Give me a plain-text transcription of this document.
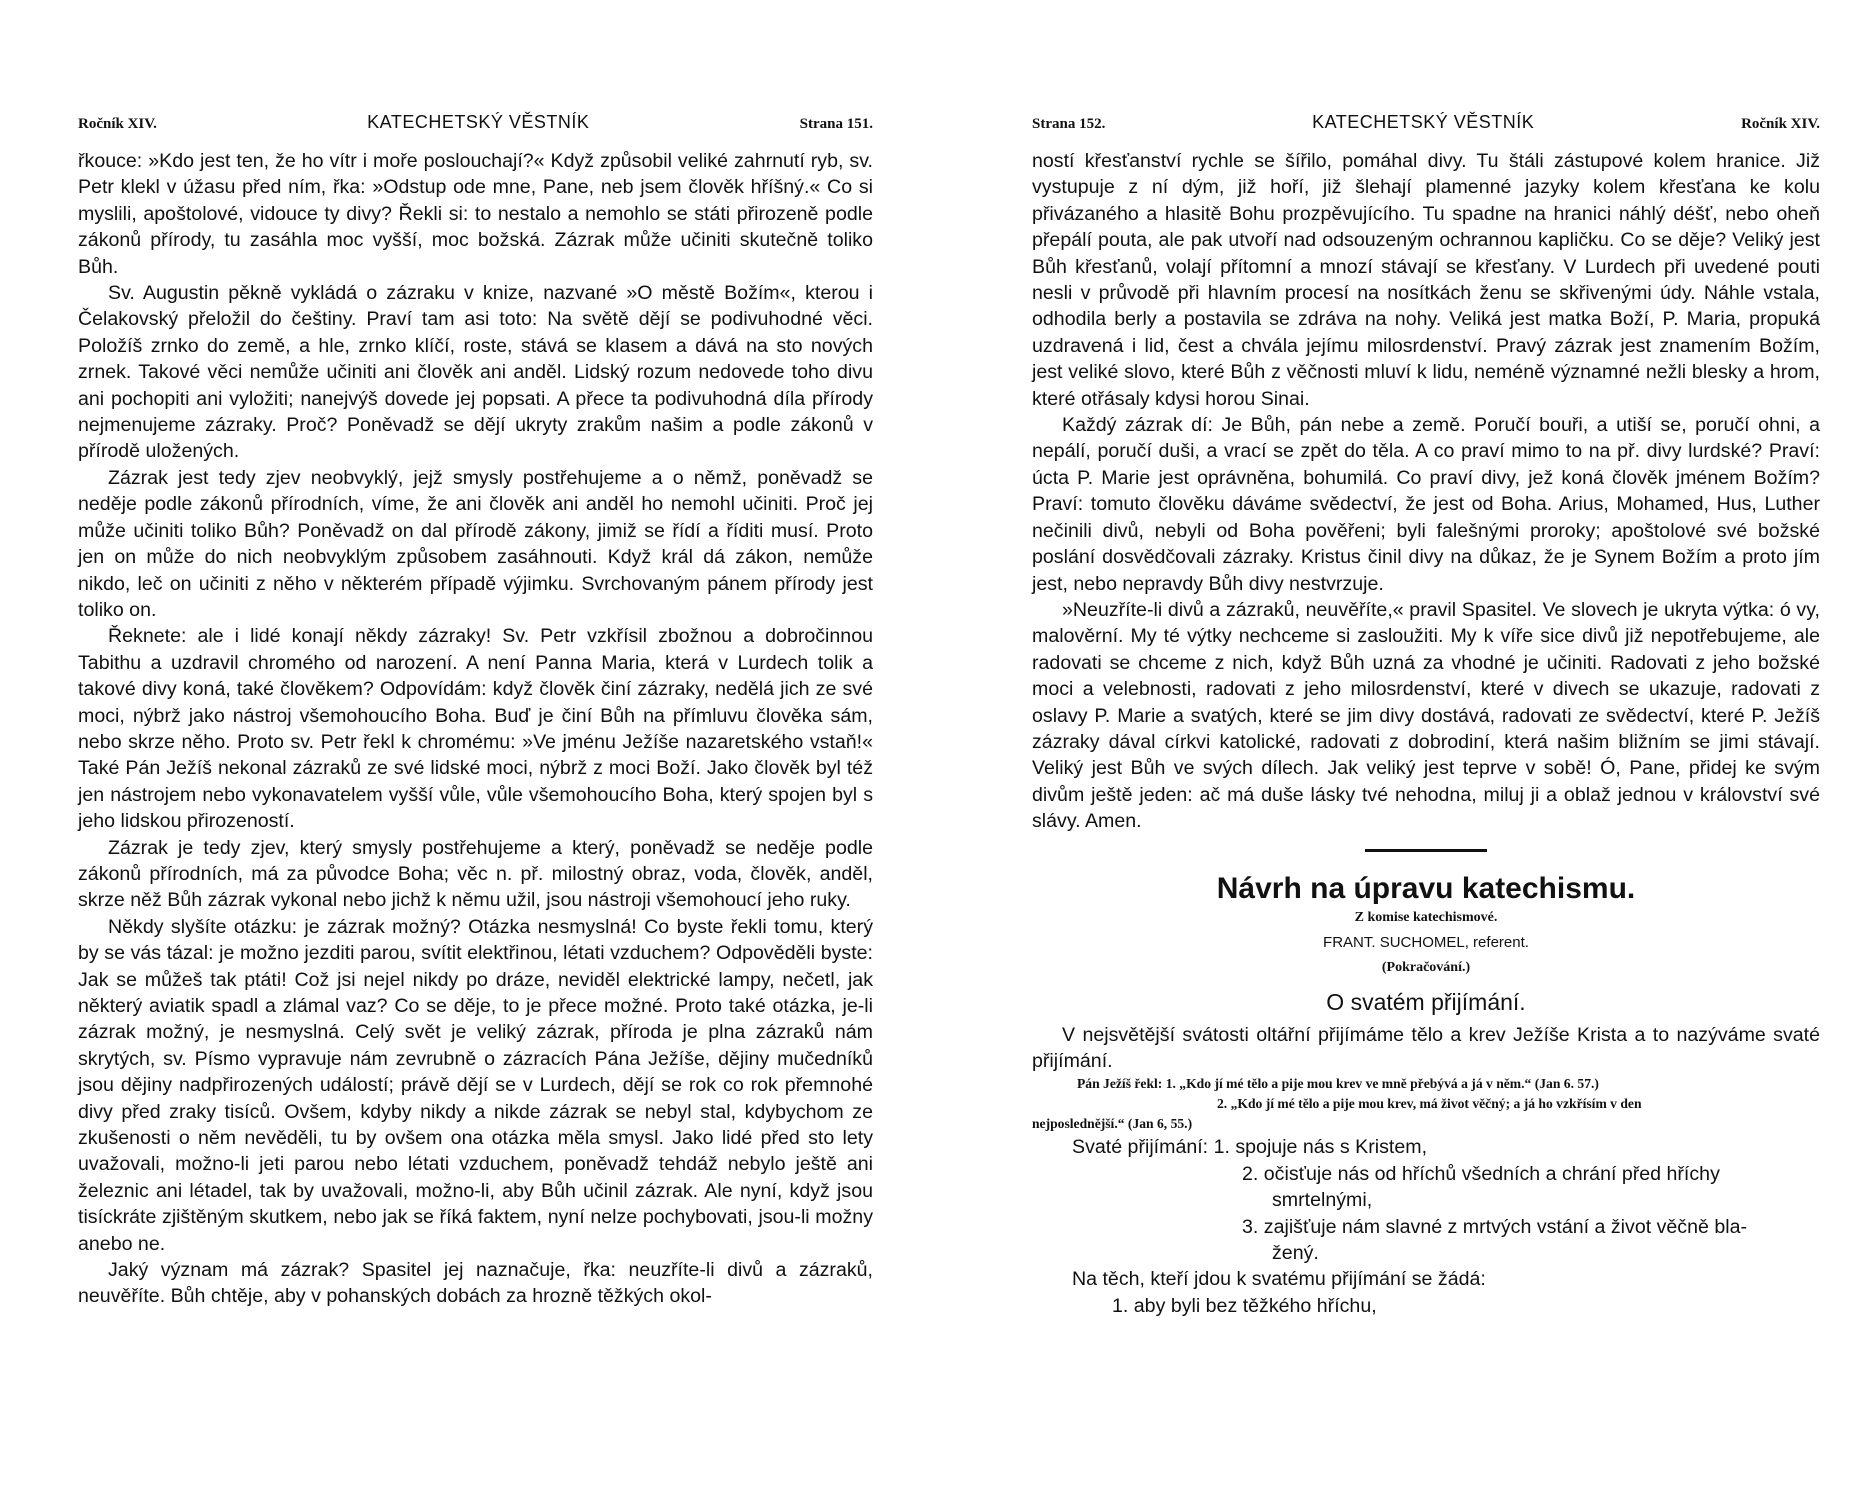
Ročník XIV.	KATECHETSKÝ VĚSTNÍK	Strana 151.

řkouce: »Kdo jest ten, že ho vítr i moře poslouchají?« Když způsobil veliké zahrnutí ryb, sv. Petr klekl v úžasu před ním, řka: »Odstup ode mne, Pane, neb jsem člověk hříšný.« Co si myslili, apoštolové, vidouce ty divy? Řekli si: to nestalo a nemohlo se státi přirozeně podle zákonů přírody, tu zasáhla moc vyšší, moc božská. Zázrak může učiniti skutečně toliko Bůh.

Sv. Augustin pěkně vykládá o zázraku v knize, nazvané »O městě Božím«, kterou i Čelakovský přeložil do češtiny. Praví tam asi toto: Na světě dějí se podivuhodné věci. Položíš zrnko do země, a hle, zrnko klíčí, roste, stává se klasem a dává na sto nových zrnek. Takové věci nemůže učiniti ani člověk ani anděl. Lidský rozum nedovede toho divu ani pochopiti ani vyložiti; nanejvýš dovede jej popsati. A přece ta podivuhodná díla přírody nejmenujeme zázraky. Proč? Poněvadž se dějí ukryty zrakům našim a podle zákonů v přírodě uložených.

Zázrak jest tedy zjev neobvyklý, jejž smysly postřehujeme a o němž, poněvadž se neděje podle zákonů přírodních, víme, že ani člověk ani anděl ho nemohl učiniti. Proč jej může učiniti toliko Bůh? Poněvadž on dal přírodě zákony, jimiž se řídí a říditi musí. Proto jen on může do nich neobvyklým způsobem zasáhnouti. Když král dá zákon, nemůže nikdo, leč on učiniti z něho v některém případě výjimku. Svrchovaným pánem přírody jest toliko on.

Řeknete: ale i lidé konají někdy zázraky! Sv. Petr vzkřísil zbožnou a dobročinnou Tabithu a uzdravil chromého od narození. A není Panna Maria, která v Lurdech tolik a takové divy koná, také člověkem? Odpovídám: když člověk činí zázraky, nedělá jich ze své moci, nýbrž jako nástroj všemohoucího Boha. Buď je činí Bůh na přímluvu člověka sám, nebo skrze něho. Proto sv. Petr řekl k chromému: »Ve jménu Ježíše nazaretského vstaň!« Také Pán Ježíš nekonal zázraků ze své lidské moci, nýbrž z moci Boží. Jako člověk byl též jen nástrojem nebo vykonavatelem vyšší vůle, vůle všemohoucího Boha, který spojen byl s jeho lidskou přirozeností.

Zázrak je tedy zjev, který smysly postřehujeme a který, poněvadž se neděje podle zákonů přírodních, má za původce Boha; věc n. př. milostný obraz, voda, člověk, anděl, skrze něž Bůh zázrak vykonal nebo jichž k němu užil, jsou nástroji všemohoucí jeho ruky.

Někdy slyšíte otázku: je zázrak možný? Otázka nesmyslná! Co byste řekli tomu, který by se vás tázal: je možno jezditi parou, svítit elektřinou, létati vzduchem? Odpověděli byste: Jak se můžeš tak ptáti! Což jsi nejel nikdy po dráze, neviděl elektrické lampy, nečetl, jak některý aviatik spadl a zlámal vaz? Co se děje, to je přece možné. Proto také otázka, je-li zázrak možný, je nesmyslná. Celý svět je veliký zázrak, příroda je plna zázraků nám skrytých, sv. Písmo vypravuje nám zevrubně o zázracích Pána Ježíše, dějiny mučedníků jsou dějiny nadpřirozených událostí; právě dějí se v Lurdech, dějí se rok co rok přemnohé divy před zraky tisíců. Ovšem, kdyby nikdy a nikde zázrak se nebyl stal, kdybychom ze zkušenosti o něm nevěděli, tu by ovšem ona otázka měla smysl. Jako lidé před sto lety uvažovali, možno-li jeti parou nebo létati vzduchem, poněvadž tehdáž nebylo ještě ani železnic ani létadel, tak by uvažovali, možno-li, aby Bůh učinil zázrak. Ale nyní, když jsou tisíckráte zjištěným skutkem, nebo jak se říká faktem, nyní nelze pochybovati, jsou-li možny anebo ne.

Jaký význam má zázrak? Spasitel jej naznačuje, řka: neuzříte-li divů a zázraků, neuvěříte. Bůh chtěje, aby v pohanských dobách za hrozně těžkých okol-

Strana 152.	KATECHETSKÝ VĚSTNÍK	Ročník XIV.

ností křesťanství rychle se šířilo, pomáhal divy. Tu štáli zástupové kolem hranice. Již vystupuje z ní dým, již hoří, již šlehají plamenné jazyky kolem křesťana ke kolu přivázaného a hlasitě Bohu prozpěvujícího. Tu spadne na hranici náhlý déšť, nebo oheň přepálí pouta, ale pak utvoří nad odsouzeným ochrannou kapličku. Co se děje? Veliký jest Bůh křesťanů, volají přítomní a mnozí stávají se křesťany. V Lurdech při uvedené pouti nesli v průvodě při hlavním procesí na nosítkách ženu se skřivenými údy. Náhle vstala, odhodila berly a postavila se zdráva na nohy. Veliká jest matka Boží, P. Maria, propuká uzdravená i lid, čest a chvála jejímu milosrdenství. Pravý zázrak jest znamením Božím, jest veliké slovo, které Bůh z věčnosti mluví k lidu, neméně významné nežli blesky a hrom, které otřásaly kdysi horou Sinai.

Každý zázrak dí: Je Bůh, pán nebe a země. Poručí bouři, a utiší se, poručí ohni, a nepálí, poručí duši, a vrací se zpět do těla. A co praví mimo to na př. divy lurdské? Praví: úcta P. Marie jest oprávněna, bohumilá. Co praví divy, jež koná člověk jménem Božím? Praví: tomuto člověku dáváme svědectví, že jest od Boha. Arius, Mohamed, Hus, Luther nečinili divů, nebyli od Boha pověřeni; byli falešnými proroky; apoštolové své božské poslání dosvědčovali zázraky. Kristus činil divy na důkaz, že je Synem Božím a proto jím jest, nebo nepravdy Bůh divy nestvrzuje.

»Neuzříte-li divů a zázraků, neuvěříte,« pravil Spasitel. Ve slovech je ukryta výtka: ó vy, malověrní. My té výtky nechceme si zasloužiti. My k víře sice divů již nepotřebujeme, ale radovati se chceme z nich, když Bůh uzná za vhodné je učiniti. Radovati z jeho božské moci a velebnosti, radovati z jeho milosrdenství, které v divech se ukazuje, radovati z oslavy P. Marie a svatých, které se jim divy dostává, radovati ze svědectví, které P. Ježíš zázraky dával církvi katolické, radovati z dobrodiní, která našim bližním se jimi stávají. Veliký jest Bůh ve svých dílech. Jak veliký jest teprve v sobě! Ó, Pane, přidej ke svým divům ještě jeden: ač má duše lásky tvé nehodna, miluj ji a oblaž jednou v království své slávy. Amen.

Návrh na úpravu katechismu.

Z komise katechismové.

FRANT. SUCHOMEL, referent.

(Pokračování.)

O svatém přijímání.

V nejsvětější svátosti oltářní přijímáme tělo a krev Ježíše Krista a to nazýváme svaté přijímání.

Pán Ježíš řekl: 1. „Kdo jí mé tělo a pije mou krev ve mně přebývá a já v něm.“ (Jan 6. 57.)

2. „Kdo jí mé tělo a pije mou krev, má život věčný; a já ho vzkřísím v den

nejposlednější.“ (Jan 6, 55.)

Svaté přijímání: 1. spojuje nás s Kristem,

2. očisťuje nás od hříchů všedních a chrání před hříchy

smrtelnými,

3. zajišťuje nám slavné z mrtvých vstání a život věčně bla-

žený.

Na těch, kteří jdou k svatému přijímání se žádá:

1. aby byli bez těžkého hříchu,
